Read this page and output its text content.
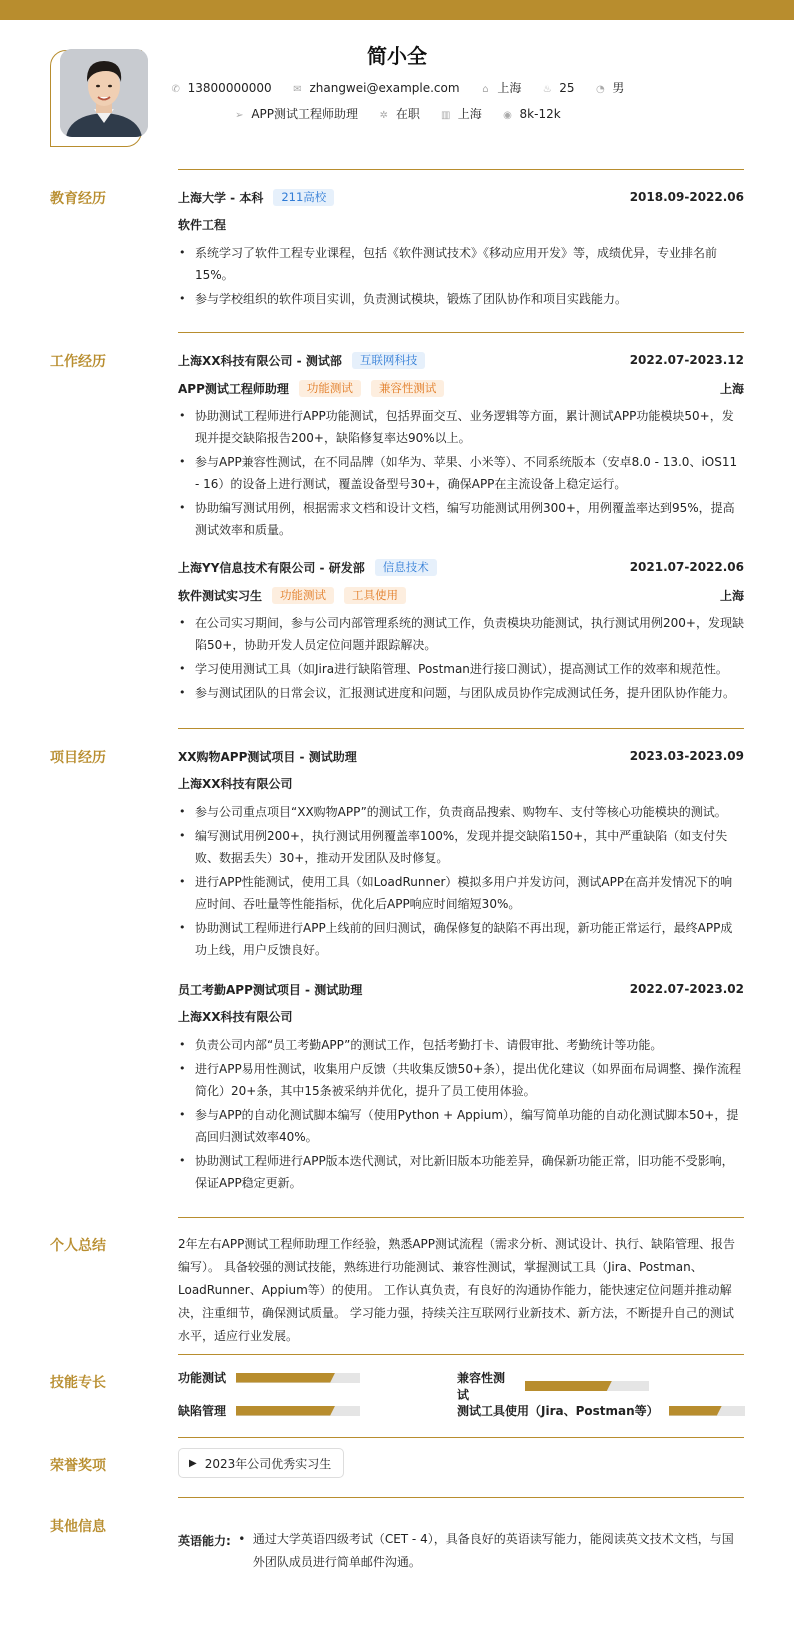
简小全
✆ 13800000000 ✉ zhangwei@example.com ⌂ 上海 ♨ 25 ◔ 男
➢ APP测试工程师助理 ✲ 在职 ▥ 上海 ◉ 8k-12k
教育经历	上海大学 - 本科	211高校	2018.09-2022.06
软件工程
• 系统学习了软件工程专业课程，包括《软件测试技术》《移动应用开发》等，成绩优异，专业排名前15%。
• 参与学校组织的软件项目实训，负责测试模块，锻炼了团队协作和项目实践能力。
工作经历	上海XX科技有限公司 - 测试部	互联网科技	2022.07-2023.12
APP测试工程师助理	功能测试	兼容性测试	上海
• 协助测试工程师进行APP功能测试，包括界面交互、业务逻辑等方面，累计测试APP功能模块50+，发现并提交缺陷报告200+，缺陷修复率达90%以上。
• 参与APP兼容性测试，在不同品牌（如华为、苹果、小米等）、不同系统版本（安卓8.0 - 13.0、iOS11 - 16）的设备上进行测试，覆盖设备型号30+，确保APP在主流设备上稳定运行。
• 协助编写测试用例，根据需求文档和设计文档，编写功能测试用例300+，用例覆盖率达到95%，提高测试效率和质量。
上海YY信息技术有限公司 - 研发部	信息技术	2021.07-2022.06
软件测试实习生	功能测试	工具使用	上海
• 在公司实习期间，参与公司内部管理系统的测试工作，负责模块功能测试，执行测试用例200+，发现缺陷50+，协助开发人员定位问题并跟踪解决。
• 学习使用测试工具（如Jira进行缺陷管理、Postman进行接口测试），提高测试工作的效率和规范性。
• 参与测试团队的日常会议，汇报测试进度和问题，与团队成员协作完成测试任务，提升团队协作能力。
项目经历	XX购物APP测试项目 - 测试助理	2023.03-2023.09
上海XX科技有限公司
• 参与公司重点项目“XX购物APP”的测试工作，负责商品搜索、购物车、支付等核心功能模块的测试。
• 编写测试用例200+，执行测试用例覆盖率100%，发现并提交缺陷150+，其中严重缺陷（如支付失败、数据丢失）30+，推动开发团队及时修复。
• 进行APP性能测试，使用工具（如LoadRunner）模拟多用户并发访问，测试APP在高并发情况下的响应时间、吞吐量等性能指标，优化后APP响应时间缩短30%。
• 协助测试工程师进行APP上线前的回归测试，确保修复的缺陷不再出现，新功能正常运行，最终APP成功上线，用户反馈良好。
员工考勤APP测试项目 - 测试助理	2022.07-2023.02
上海XX科技有限公司
• 负责公司内部“员工考勤APP”的测试工作，包括考勤打卡、请假审批、考勤统计等功能。
• 进行APP易用性测试，收集用户反馈（共收集反馈50+条），提出优化建议（如界面布局调整、操作流程简化）20+条，其中15条被采纳并优化，提升了员工使用体验。
• 参与APP的自动化测试脚本编写（使用Python + Appium），编写简单功能的自动化测试脚本50+，提高回归测试效率40%。
• 协助测试工程师进行APP版本迭代测试，对比新旧版本功能差异，确保新功能正常，旧功能不受影响，保证APP稳定更新。
个人总结	2年左右APP测试工程师助理工作经验，熟悉APP测试流程（需求分析、测试设计、执行、缺陷管理、报告编写）。 具备较强的测试技能，熟练进行功能测试、兼容性测试，掌握测试工具（Jira、Postman、LoadRunner、Appium等）的使用。 工作认真负责，有良好的沟通协作能力，能快速定位问题并推动解决，注重细节，确保测试质量。 学习能力强，持续关注互联网行业新技术、新方法，不断提升自己的测试水平，适应行业发展。
技能专长	功能测试	兼容性测试
缺陷管理	测试工具使用（Jira、Postman等）
荣誉奖项	▶ 2023年公司优秀实习生
其他信息
英语能力: • 通过大学英语四级考试（CET - 4），具备良好的英语读写能力，能阅读英文技术文档，与国外团队成员进行简单邮件沟通。
